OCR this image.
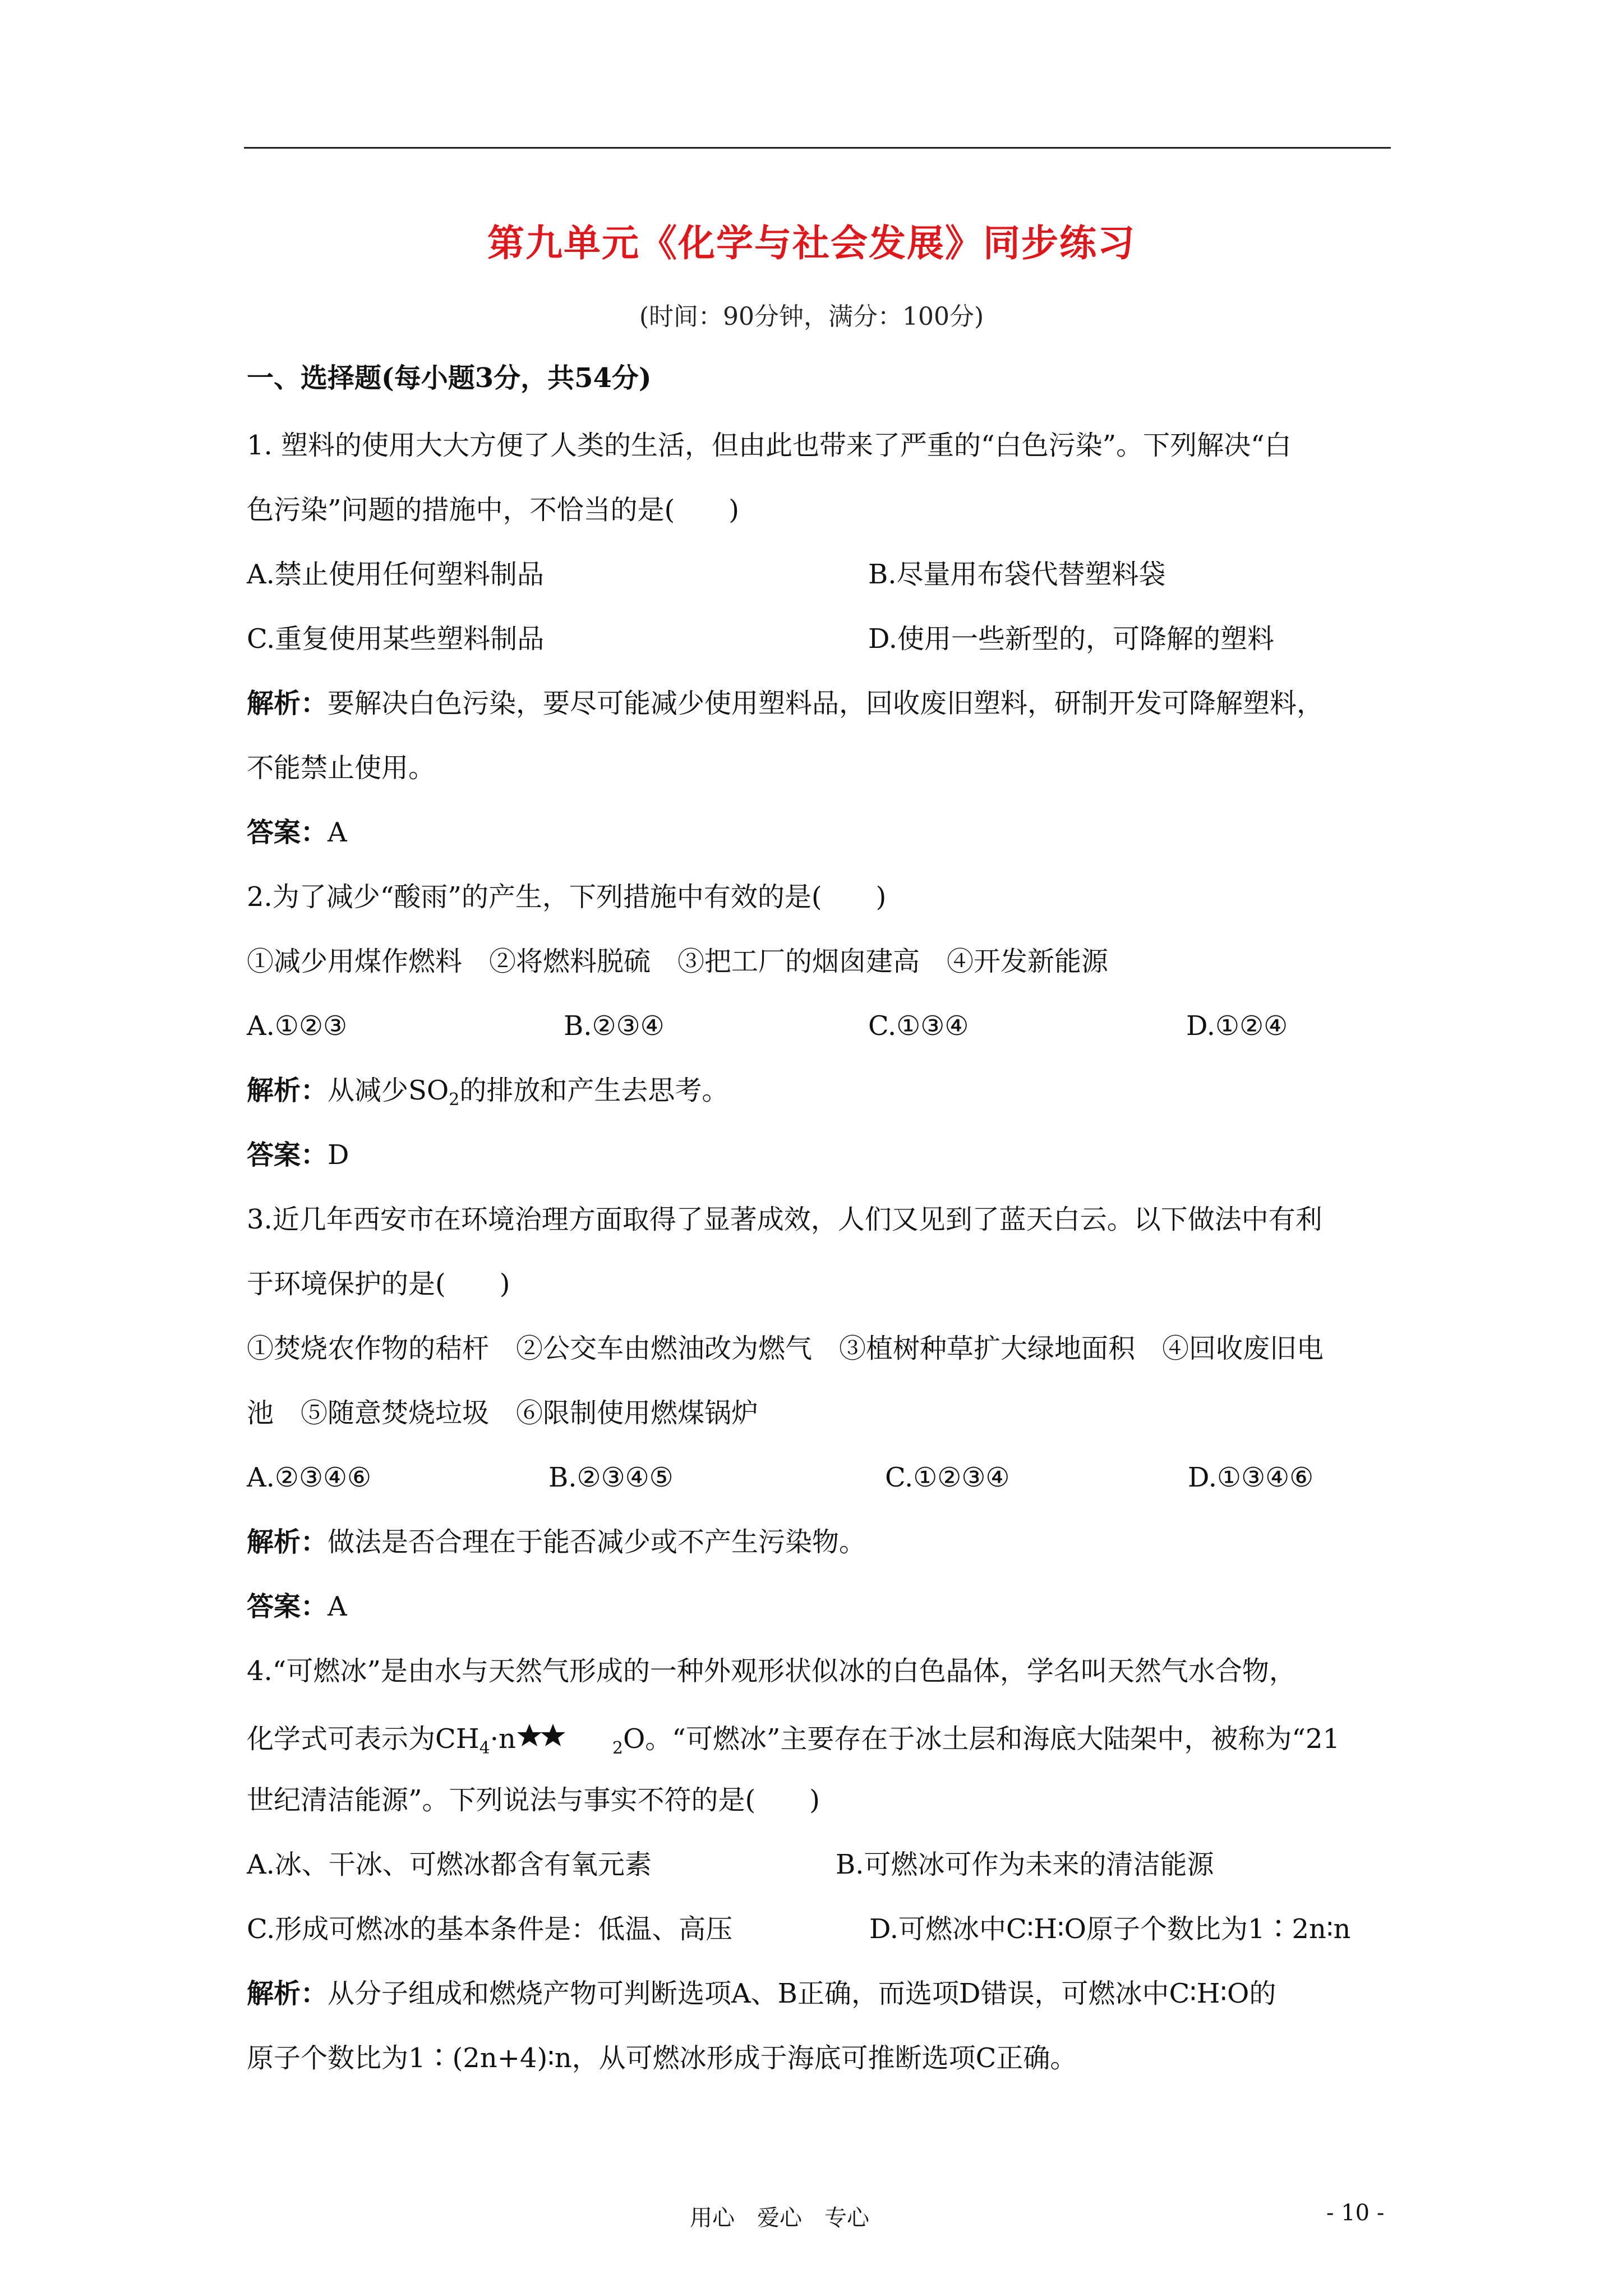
第九单元《化学与社会发展》同步练习
(时间：90分钟，满分：100分)
一、选择题(每小题3分，共54分)
1. 塑料的使用大大方便了人类的生活，但由此也带来了严重的“白色污染”。下列解决“白
色污染”问题的措施中，不恰当的是(　　)
A.禁止使用任何塑料制品	B.尽量用布袋代替塑料袋
C.重复使用某些塑料制品	D.使用一些新型的，可降解的塑料
解析：要解决白色污染，要尽可能减少使用塑料品，回收废旧塑料，研制开发可降解塑料，
不能禁止使用。
答案：A
2.为了减少“酸雨”的产生，下列措施中有效的是(　　)
①减少用煤作燃料　②将燃料脱硫　③把工厂的烟囱建高　④开发新能源
A.①②③	B.②③④	C.①③④	D.①②④
解析：从减少$SO_2$的排放和产生去思考。
答案：D
3.近几年西安市在环境治理方面取得了显著成效，人们又见到了蓝天白云。以下做法中有利
于环境保护的是(　　)
①焚烧农作物的秸杆　②公交车由燃油改为燃气　③植树种草扩大绿地面积　④回收废旧电
池　⑤随意焚烧垃圾　⑥限制使用燃煤锅炉
A.②③④⑥	B.②③④⑤	C.①②③④	D.①③④⑥
解析：做法是否合理在于能否减少或不产生污染物。
答案：A
4.“可燃冰”是由水与天然气形成的一种外观形状似冰的白色晶体，学名叫天然气水合物，
化学式可表示为$CH_4\cdot n$	$_2$O。“可燃冰”主要存在于冰土层和海底大陆架中，被称为“21
世纪清洁能源”。下列说法与事实不符的是(　　)
A.冰、干冰、可燃冰都含有氧元素	B.可燃冰可作为未来的清洁能源
C.形成可燃冰的基本条件是：低温、高压	D.可燃冰中C∶H∶O原子个数比为1∶2n∶n
解析：从分子组成和燃烧产物可判断选项A、B正确，而选项D错误，可燃冰中C∶H∶O的
原子个数比为1∶(2n+4)∶n，从可燃冰形成于海底可推断选项C正确。
用心　爱心　专心	- 10 -
